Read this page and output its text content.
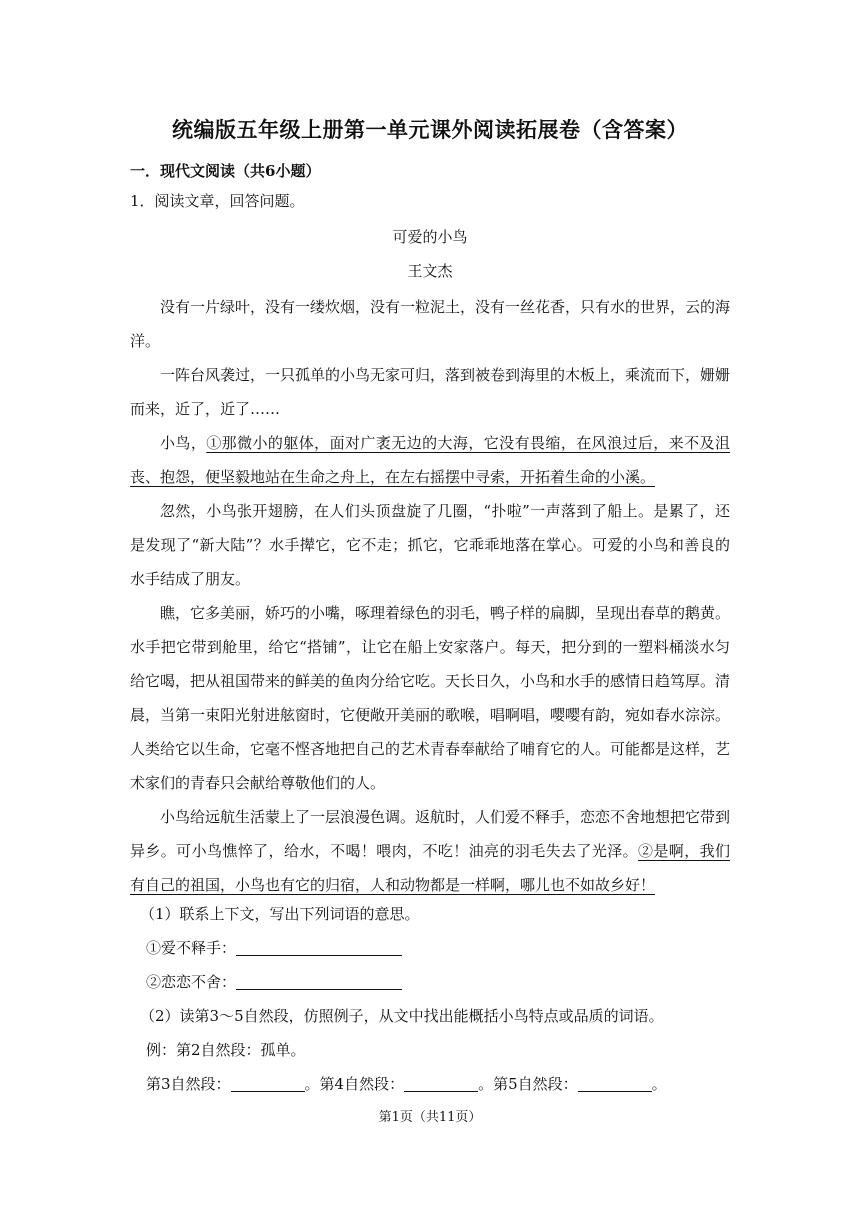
统编版五年级上册第一单元课外阅读拓展卷（含答案）
一．现代文阅读（共6小题）
1．阅读文章，回答问题。
可爱的小鸟
王文杰

没有一片绿叶，没有一缕炊烟，没有一粒泥土，没有一丝花香，只有水的世界，云的海洋。

一阵台风袭过，一只孤单的小鸟无家可归，落到被卷到海里的木板上，乘流而下，姗姗而来，近了，近了……

小鸟，①那微小的躯体，面对广袤无边的大海，它没有畏缩，在风浪过后，来不及沮丧、抱怨，便坚毅地站在生命之舟上，在左右摇摆中寻索，开拓着生命的小溪。

忽然，小鸟张开翅膀，在人们头顶盘旋了几圈，“扑啦”一声落到了船上。是累了，还是发现了“新大陆”？水手撵它，它不走；抓它，它乖乖地落在掌心。可爱的小鸟和善良的水手结成了朋友。

瞧，它多美丽，娇巧的小嘴，啄理着绿色的羽毛，鸭子样的扁脚，呈现出春草的鹅黄。水手把它带到舱里，给它“搭铺”，让它在船上安家落户。每天，把分到的一塑料桶淡水匀给它喝，把从祖国带来的鲜美的鱼肉分给它吃。天长日久，小鸟和水手的感情日趋笃厚。清晨，当第一束阳光射进舷窗时，它便敞开美丽的歌喉，唱啊唱，嘤嘤有韵，宛如春水淙淙。人类给它以生命，它毫不悭吝地把自己的艺术青春奉献给了哺育它的人。可能都是这样，艺术家们的青春只会献给尊敬他们的人。

小鸟给远航生活蒙上了一层浪漫色调。返航时，人们爱不释手，恋恋不舍地想把它带到异乡。可小鸟憔悴了，给水，不喝！喂肉，不吃！油亮的羽毛失去了光泽。②是啊，我们有自己的祖国，小鸟也有它的归宿，人和动物都是一样啊，哪儿也不如故乡好！

（1）联系上下文，写出下列词语的意思。
①爱不释手：
②恋恋不舍：
（2）读第3～5自然段，仿照例子，从文中找出能概括小鸟特点或品质的词语。
例：第2自然段：孤单。
第3自然段：	。第4自然段：	。第5自然段：	。
第1页（共11页）
